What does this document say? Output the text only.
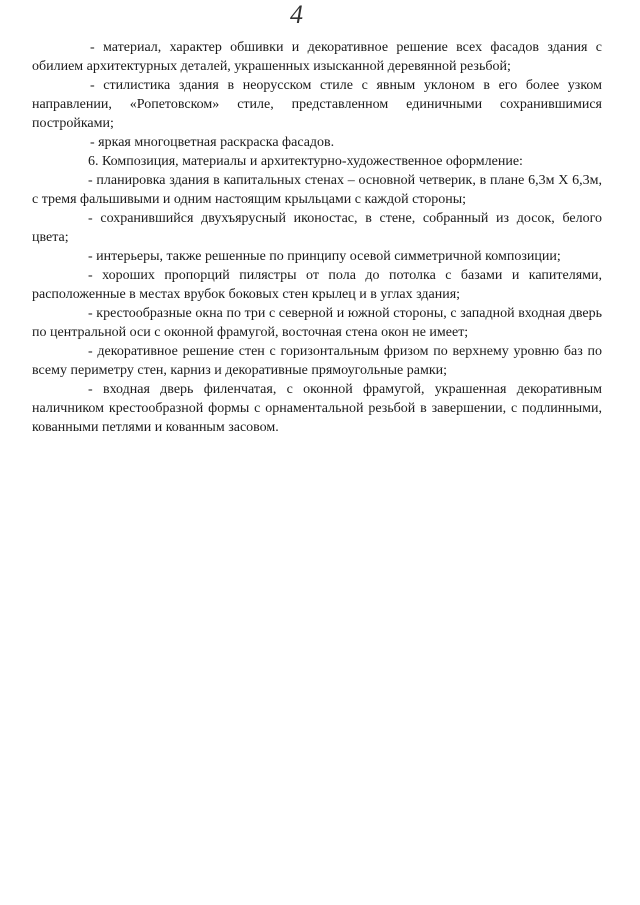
4

- материал, характер обшивки и декоративное решение всех фасадов здания с обилием архитектурных деталей, украшенных изысканной деревянной резьбой;

- стилистика здания в неорусском стиле с явным уклоном в его более узком направлении, «Ропетовском» стиле, представленном единичными сохранившимися постройками;

- яркая многоцветная раскраска фасадов.

6. Композиция, материалы и архитектурно-художественное оформление:

- планировка здания в капитальных стенах – основной четверик, в плане 6,3м Х 6,3м, с тремя фальшивыми и одним настоящим крыльцами с каждой стороны;

- сохранившийся двухъярусный иконостас, в стене, собранный из досок, белого цвета;

- интерьеры, также решенные по принципу осевой симметричной композиции;

- хороших пропорций пилястры от пола до потолка с базами и капителями, расположенные в местах врубок боковых стен крылец и в углах здания;

- крестообразные окна по три с северной и южной стороны, с западной входная дверь по центральной оси с оконной фрамугой, восточная стена окон не имеет;

- декоративное решение стен с горизонтальным фризом по верхнему уровню баз по всему периметру стен, карниз и декоративные прямоугольные рамки;

- входная дверь филенчатая, с оконной фрамугой, украшенная декоративным наличником крестообразной формы с орнаментальной резьбой в завершении, с подлинными, кованными петлями и кованным засовом.
